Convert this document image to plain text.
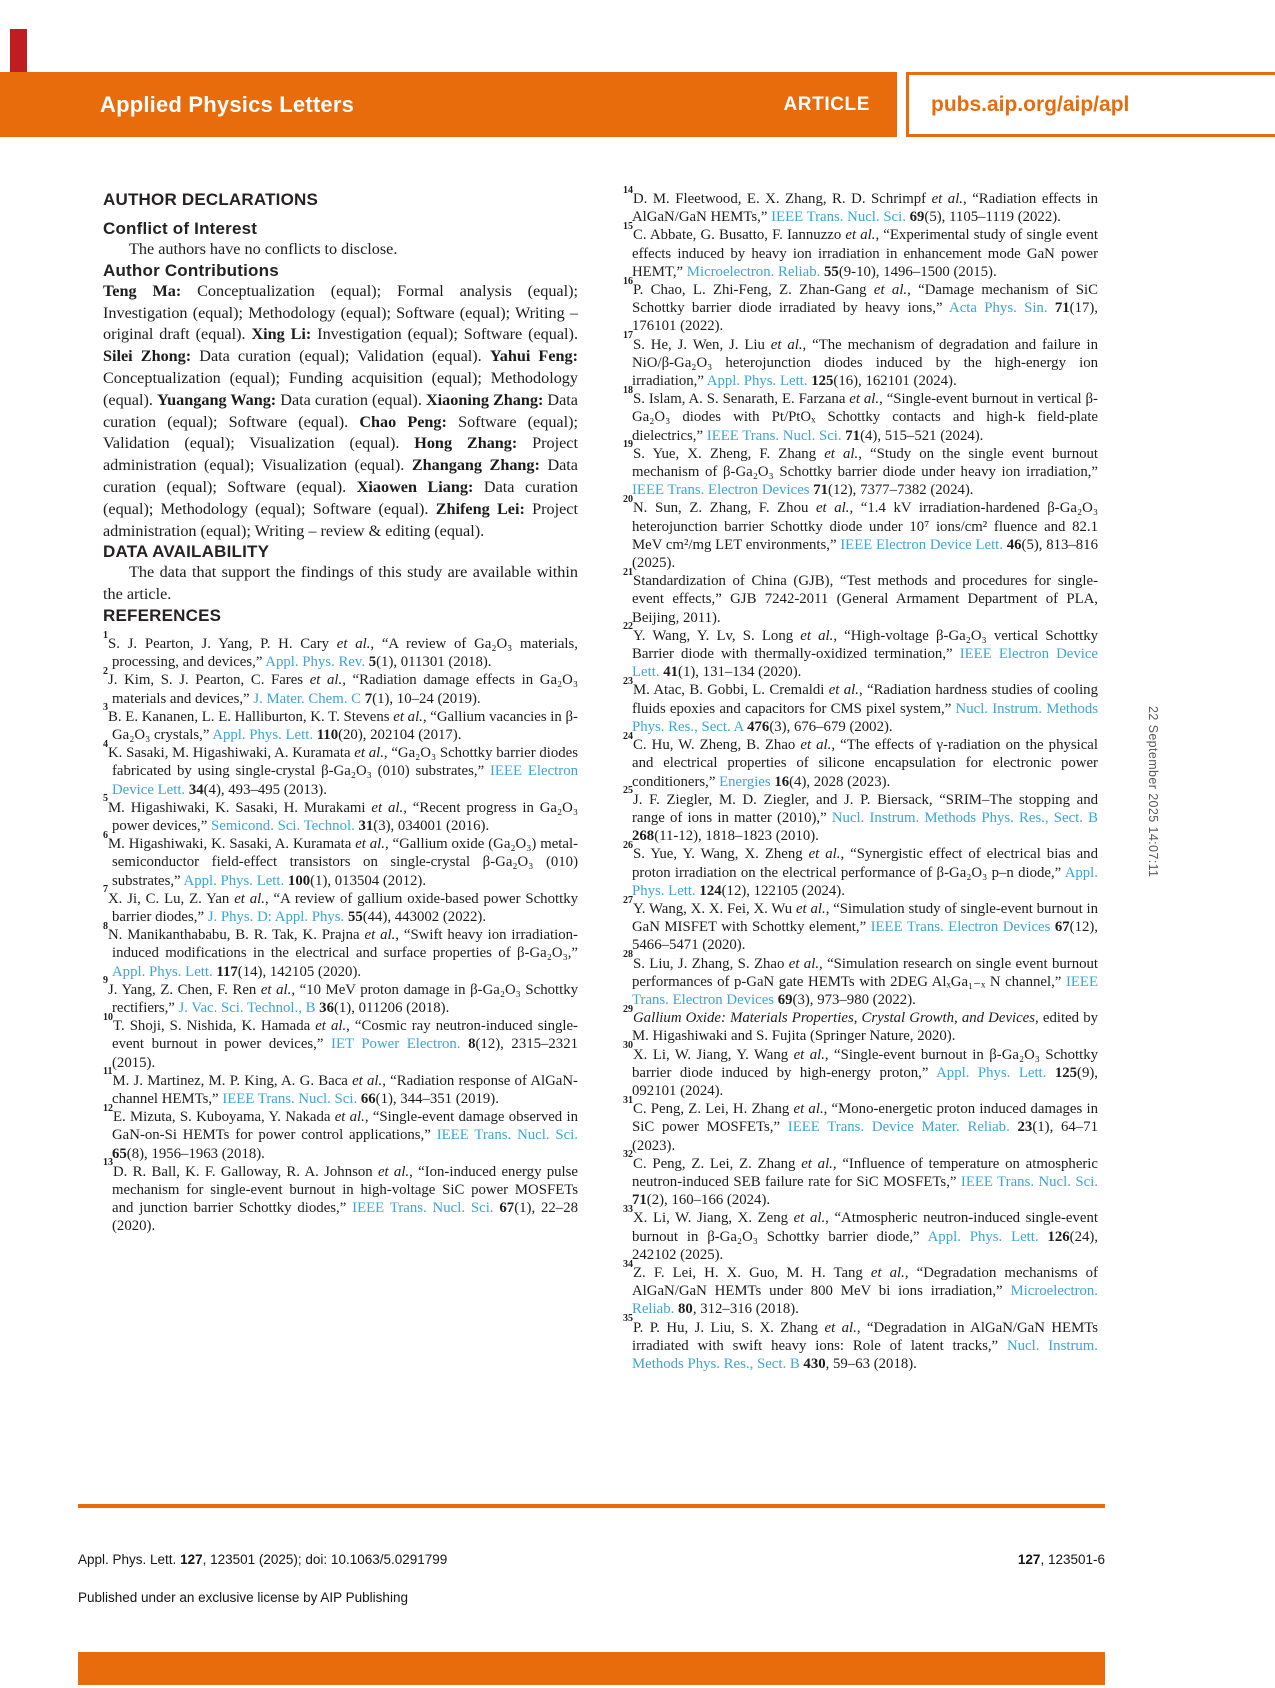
Applied Physics Letters	ARTICLE	pubs.aip.org/aip/apl
AUTHOR DECLARATIONS
Conflict of Interest

The authors have no conflicts to disclose.

Author Contributions

Teng Ma: Conceptualization (equal); Formal analysis (equal); Investigation (equal); Methodology (equal); Software (equal); Writing – original draft (equal). Xing Li: Investigation (equal); Software (equal). Silei Zhong: Data curation (equal); Validation (equal). Yahui Feng: Conceptualization (equal); Funding acquisition (equal); Methodology (equal). Yuangang Wang: Data curation (equal). Xiaoning Zhang: Data curation (equal); Software (equal). Chao Peng: Software (equal); Validation (equal); Visualization (equal). Hong Zhang: Project administration (equal); Visualization (equal). Zhangang Zhang: Data curation (equal); Software (equal). Xiaowen Liang: Data curation (equal); Methodology (equal); Software (equal). Zhifeng Lei: Project administration (equal); Writing – review & editing (equal).

DATA AVAILABILITY

The data that support the findings of this study are available within the article.

REFERENCES
$^1$S. J. Pearton, J. Yang, P. H. Cary et al., “A review of Ga₂O₃ materials, processing, and devices,” Appl. Phys. Rev. 5(1), 011301 (2018).
$^2$J. Kim, S. J. Pearton, C. Fares et al., “Radiation damage effects in Ga₂O₃ materials and devices,” J. Mater. Chem. C 7(1), 10–24 (2019).
$^3$B. E. Kananen, L. E. Halliburton, K. T. Stevens et al., “Gallium vacancies in β-Ga₂O₃ crystals,” Appl. Phys. Lett. 110(20), 202104 (2017).
$^4$K. Sasaki, M. Higashiwaki, A. Kuramata et al., “Ga₂O₃ Schottky barrier diodes fabricated by using single-crystal β-Ga₂O₃ (010) substrates,” IEEE Electron Device Lett. 34(4), 493–495 (2013).
$^5$M. Higashiwaki, K. Sasaki, H. Murakami et al., “Recent progress in Ga₂O₃ power devices,” Semicond. Sci. Technol. 31(3), 034001 (2016).
$^6$M. Higashiwaki, K. Sasaki, A. Kuramata et al., “Gallium oxide (Ga₂O₃) metal-semiconductor field-effect transistors on single-crystal β-Ga₂O₃ (010) substrates,” Appl. Phys. Lett. 100(1), 013504 (2012).
$^7$X. Ji, C. Lu, Z. Yan et al., “A review of gallium oxide-based power Schottky barrier diodes,” J. Phys. D: Appl. Phys. 55(44), 443002 (2022).
$^8$N. Manikanthababu, B. R. Tak, K. Prajna et al., “Swift heavy ion irradiation-induced modifications in the electrical and surface properties of β-Ga₂O₃,” Appl. Phys. Lett. 117(14), 142105 (2020).
$^9$J. Yang, Z. Chen, F. Ren et al., “10 MeV proton damage in β-Ga₂O₃ Schottky rectifiers,” J. Vac. Sci. Technol., B 36(1), 011206 (2018).
$^{10}$T. Shoji, S. Nishida, K. Hamada et al., “Cosmic ray neutron-induced single-event burnout in power devices,” IET Power Electron. 8(12), 2315–2321 (2015).
$^{11}$M. J. Martinez, M. P. King, A. G. Baca et al., “Radiation response of AlGaN-channel HEMTs,” IEEE Trans. Nucl. Sci. 66(1), 344–351 (2019).
$^{12}$E. Mizuta, S. Kuboyama, Y. Nakada et al., “Single-event damage observed in GaN-on-Si HEMTs for power control applications,” IEEE Trans. Nucl. Sci. 65(8), 1956–1963 (2018).
$^{13}$D. R. Ball, K. F. Galloway, R. A. Johnson et al., “Ion-induced energy pulse mechanism for single-event burnout in high-voltage SiC power MOSFETs and junction barrier Schottky diodes,” IEEE Trans. Nucl. Sci. 67(1), 22–28 (2020).
$^{14}$D. M. Fleetwood, E. X. Zhang, R. D. Schrimpf et al., “Radiation effects in AlGaN/GaN HEMTs,” IEEE Trans. Nucl. Sci. 69(5), 1105–1119 (2022).
$^{15}$C. Abbate, G. Busatto, F. Iannuzzo et al., “Experimental study of single event effects induced by heavy ion irradiation in enhancement mode GaN power HEMT,” Microelectron. Reliab. 55(9-10), 1496–1500 (2015).
$^{16}$P. Chao, L. Zhi-Feng, Z. Zhan-Gang et al., “Damage mechanism of SiC Schottky barrier diode irradiated by heavy ions,” Acta Phys. Sin. 71(17), 176101 (2022).
$^{17}$S. He, J. Wen, J. Liu et al., “The mechanism of degradation and failure in NiO/β-Ga₂O₃ heterojunction diodes induced by the high-energy ion irradiation,” Appl. Phys. Lett. 125(16), 162101 (2024).
$^{18}$S. Islam, A. S. Senarath, E. Farzana et al., “Single-event burnout in vertical β-Ga₂O₃ diodes with Pt/PtOₓ Schottky contacts and high-k field-plate dielectrics,” IEEE Trans. Nucl. Sci. 71(4), 515–521 (2024).
$^{19}$S. Yue, X. Zheng, F. Zhang et al., “Study on the single event burnout mechanism of β-Ga₂O₃ Schottky barrier diode under heavy ion irradiation,” IEEE Trans. Electron Devices 71(12), 7377–7382 (2024).
$^{20}$N. Sun, Z. Zhang, F. Zhou et al., “1.4 kV irradiation-hardened β-Ga₂O₃ heterojunction barrier Schottky diode under 10⁷ ions/cm² fluence and 82.1 MeV cm²/mg LET environments,” IEEE Electron Device Lett. 46(5), 813–816 (2025).
$^{21}$Standardization of China (GJB), “Test methods and procedures for single-event effects,” GJB 7242-2011 (General Armament Department of PLA, Beijing, 2011).
$^{22}$Y. Wang, Y. Lv, S. Long et al., “High-voltage β-Ga₂O₃ vertical Schottky Barrier diode with thermally-oxidized termination,” IEEE Electron Device Lett. 41(1), 131–134 (2020).
$^{23}$M. Atac, B. Gobbi, L. Cremaldi et al., “Radiation hardness studies of cooling fluids epoxies and capacitors for CMS pixel system,” Nucl. Instrum. Methods Phys. Res., Sect. A 476(3), 676–679 (2002).
$^{24}$C. Hu, W. Zheng, B. Zhao et al., “The effects of γ-radiation on the physical and electrical properties of silicone encapsulation for electronic power conditioners,” Energies 16(4), 2028 (2023).
$^{25}$J. F. Ziegler, M. D. Ziegler, and J. P. Biersack, “SRIM–The stopping and range of ions in matter (2010),” Nucl. Instrum. Methods Phys. Res., Sect. B 268(11-12), 1818–1823 (2010).
$^{26}$S. Yue, Y. Wang, X. Zheng et al., “Synergistic effect of electrical bias and proton irradiation on the electrical performance of β-Ga₂O₃ p–n diode,” Appl. Phys. Lett. 124(12), 122105 (2024).
$^{27}$Y. Wang, X. X. Fei, X. Wu et al., “Simulation study of single-event burnout in GaN MISFET with Schottky element,” IEEE Trans. Electron Devices 67(12), 5466–5471 (2020).
$^{28}$S. Liu, J. Zhang, S. Zhao et al., “Simulation research on single event burnout performances of p-GaN gate HEMTs with 2DEG AlₓGa₁₋ₓ N channel,” IEEE Trans. Electron Devices 69(3), 973–980 (2022).
$^{29}$Gallium Oxide: Materials Properties, Crystal Growth, and Devices, edited by M. Higashiwaki and S. Fujita (Springer Nature, 2020).
$^{30}$X. Li, W. Jiang, Y. Wang et al., “Single-event burnout in β-Ga₂O₃ Schottky barrier diode induced by high-energy proton,” Appl. Phys. Lett. 125(9), 092101 (2024).
$^{31}$C. Peng, Z. Lei, H. Zhang et al., “Mono-energetic proton induced damages in SiC power MOSFETs,” IEEE Trans. Device Mater. Reliab. 23(1), 64–71 (2023).
$^{32}$C. Peng, Z. Lei, Z. Zhang et al., “Influence of temperature on atmospheric neutron-induced SEB failure rate for SiC MOSFETs,” IEEE Trans. Nucl. Sci. 71(2), 160–166 (2024).
$^{33}$X. Li, W. Jiang, X. Zeng et al., “Atmospheric neutron-induced single-event burnout in β-Ga₂O₃ Schottky barrier diode,” Appl. Phys. Lett. 126(24), 242102 (2025).
$^{34}$Z. F. Lei, H. X. Guo, M. H. Tang et al., “Degradation mechanisms of AlGaN/GaN HEMTs under 800 MeV bi ions irradiation,” Microelectron. Reliab. 80, 312–316 (2018).
$^{35}$P. P. Hu, J. Liu, S. X. Zhang et al., “Degradation in AlGaN/GaN HEMTs irradiated with swift heavy ions: Role of latent tracks,” Nucl. Instrum. Methods Phys. Res., Sect. B 430, 59–63 (2018).
22 September 2025 14:07:11
Appl. Phys. Lett. 127, 123501 (2025); doi: 10.1063/5.0291799	127, 123501-6
Published under an exclusive license by AIP Publishing
